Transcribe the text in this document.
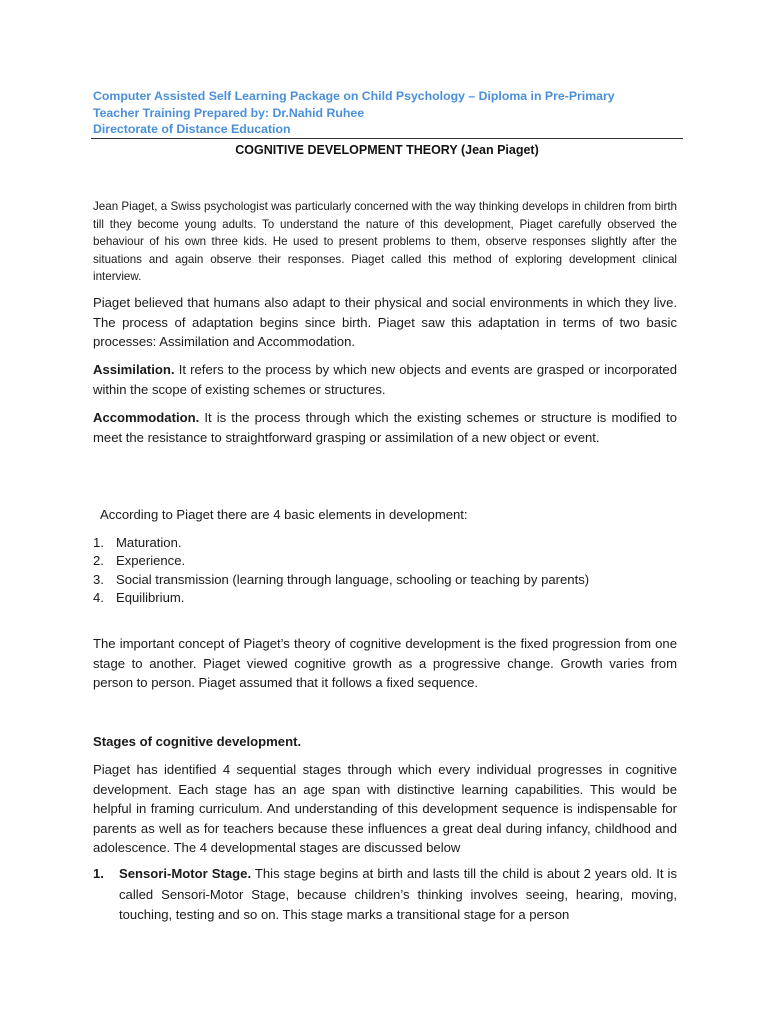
Computer Assisted Self Learning Package on Child Psychology – Diploma in Pre-Primary
Teacher Training Prepared by: Dr.Nahid Ruhee
Directorate of Distance Education
COGNITIVE DEVELOPMENT THEORY (Jean Piaget)
Jean Piaget, a Swiss psychologist was particularly concerned with the way thinking develops in children from birth till they become young adults. To understand the nature of this development, Piaget carefully observed the behaviour of his own three kids. He used to present problems to them, observe responses slightly after the situations and again observe their responses. Piaget called this method of exploring development clinical interview.
Piaget believed that humans also adapt to their physical and social environments in which they live. The process of adaptation begins since birth. Piaget saw this adaptation in terms of two basic processes: Assimilation and Accommodation.
Assimilation. It refers to the process by which new objects and events are grasped or incorporated within the scope of existing schemes or structures.
Accommodation. It is the process through which the existing schemes or structure is modified to meet the resistance to straightforward grasping or assimilation of a new object or event.
According to Piaget there are 4 basic elements in development:
1. Maturation.
2. Experience.
3. Social transmission (learning through language, schooling or teaching by parents)
4. Equilibrium.
The important concept of Piaget’s theory of cognitive development is the fixed progression from one stage to another. Piaget viewed cognitive growth as a progressive change. Growth varies from person to person. Piaget assumed that it follows a fixed sequence.
Stages of cognitive development.
Piaget has identified 4 sequential stages through which every individual progresses in cognitive development. Each stage has an age span with distinctive learning capabilities. This would be helpful in framing curriculum. And understanding of this development sequence is indispensable for parents as well as for teachers because these influences a great deal during infancy, childhood and adolescence. The 4 developmental stages are discussed below
1.	Sensori-Motor Stage. This stage begins at birth and lasts till the child is about 2 years old. It is called Sensori-Motor Stage, because children’s thinking involves seeing, hearing, moving, touching, testing and so on. This stage marks a transitional stage for a person
